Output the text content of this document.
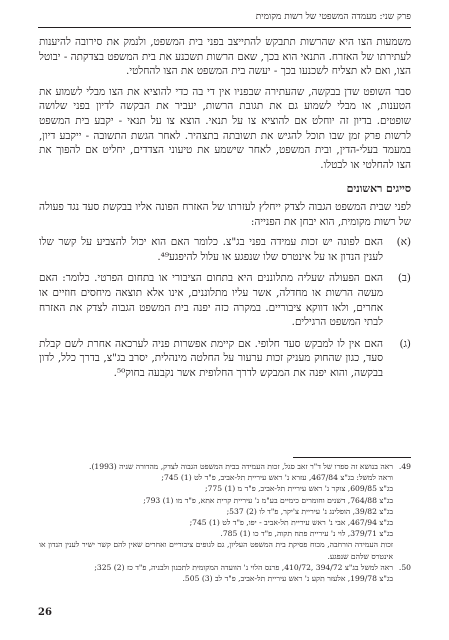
פרק שני: מעמדה המשפטי של רשות מקומית

משמעות הצו היא שהרשות תתבקש להתייצב בפני בית המשפט, ולנמק את סירובה להיענות לעתירתו של האזרח. התנאי הוא בכך, שאם הרשות תשכנע את בית המשפט בצדקתה - יבוטל הצו, ואם לא תצליח לשכנעו בכך - יעשה בית המשפט את הצו להחלטי.

סבר השופט שדן בבקשה, שהעתירה שבפניו אין די בה כדי להוציא את הצו מבלי לשמוע את הטענות, או מבלי לשמוע גם את תגובת הרשות, יעביר את הבקשה לדיון בפני שלושה שופטים. בדיון זה יוחלט אם להוציא צו על תנאי. הוצא צו על תנאי - יקבע בית המשפט לרשות פרק זמן שבו תוכל להגיש את תשובתה בתצהיר. לאחר הגשת התשובה - ייקבע דיון, במעמד בעלי-הדין, ובית המשפט, לאחר שישמע את טיעוני הצדדים, יחליט אם להפוך את הצו להחלטי או לבטלו.

סייגים ראשונים

לפני שבית המשפט הגבוה לצדק ייחלץ לעזרתו של האזרח הפונה אליו בבקשת סעד נגד פעולה של רשות מקומית, הוא יבחן את הפנייה:

(א)
האם לפונה יש זכות עמידה בפני בג"צ. כלומר האם הוא יכול להצביע על קשר שלו לענין הנדון או על אינטרס שלו שנפגע או עלול להיפגע⁴⁹.
(ב)
האם הפעולה שעליה מתלוננים היא בתחום הציבורי או בתחום הפרטי. כלומר: האם מעשה הרשות או מחדלה, אשר עליו מתלוננים, אינו אלא תוצאה מיחסים חוזיים או אחרים, ולאו דווקא ציבוריים. במקרה כזה יפנה בית המשפט הגבוה לצדק את האזרח לבתי המשפט הרגילים.
(ג)
האם אין לו למבקש סעד חלופי. אם קיימת אפשרות פניה לערכאה אחרת לשם קבלת סעד, כגון שהחוק מעניק זכות ערעור על החלטה מינהלית, יסרב בג"צ, בדרך כלל, לדון בבקשה, והוא יפנה את המבקש לדרך החלופית אשר נקבעה בחוק⁵⁰.
49.
ראה בנושא זה ספרו של ד"ר זאב סגל, זכות העמידה בבית המשפט הגבוה לצדק, מהדורה שניה (1993).
וראה למשל: בג"צ 467/84, עזרא נ' ראש עיריית תל-אביב, פ"ד לט (1) 745;
בג"צ 609/85, צוקר נ' ראש עיריית תל-אביב, פ"ד מ (1) 775;
בג"צ 764/88, דשנים וחומרים כימיים בע"מ נ' עיריית קרית אתא, פ"ד מו (1) 793;
בג"צ 39/82, הופלינג נ' עיריית צ'יקר, פ"ד לו (2) 537;
בג"צ 467/94, אבי נ' ראש עיריית תל-אביב - יפו, פ"ד לט (1) 745;
בג"צ 379/71, לוי נ' עיריית פתח תקוה, פ"ד כו (1) 785.
זכות העמידה הורחבה, מכוח פסיקת בית המשפט העליון, גם לגופים ציבוריים ואחרים שאין להם קשר ישיר לענין הנדון או אינטרס שלהם שנפגע.
50.
ראה למשל בג"צ 394/72 ,410/72, פרנס הלוי נ' הוועדה המקומית לתכנון ולבניה, פ"ד כז (2) 325;
בג"צ 199/78, אלעזר תקע נ' ראש עיריית תל-אביב, פ"ד לב (3) 505.
26
